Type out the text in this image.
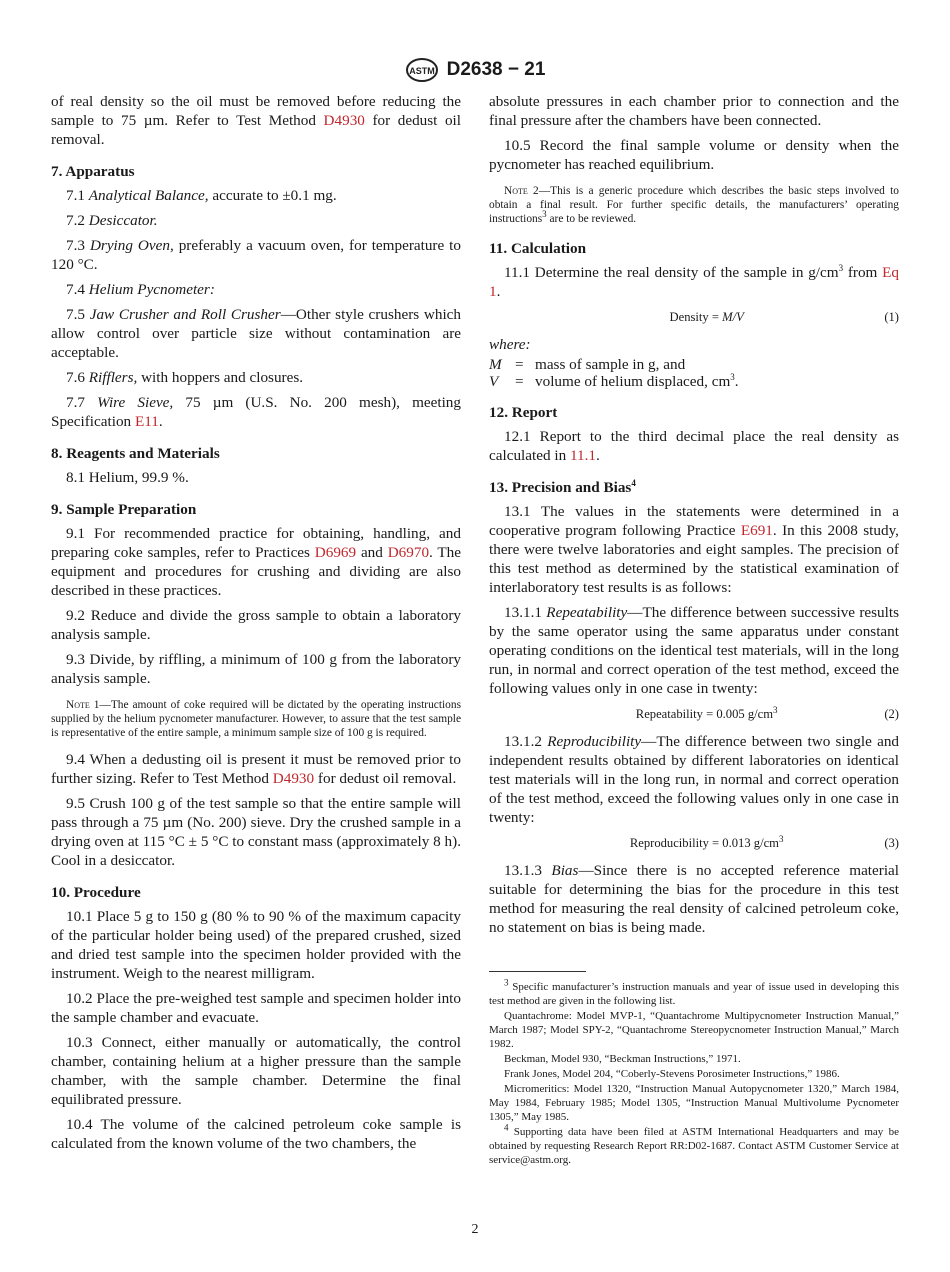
ASTM D2638 − 21

of real density so the oil must be removed before reducing the sample to 75 µm. Refer to Test Method D4930 for dedust oil removal.

7. Apparatus

7.1 Analytical Balance, accurate to ±0.1 mg.

7.2 Desiccator.

7.3 Drying Oven, preferably a vacuum oven, for temperature to 120 °C.

7.4 Helium Pycnometer:

7.5 Jaw Crusher and Roll Crusher—Other style crushers which allow control over particle size without contamination are acceptable.

7.6 Rifflers, with hoppers and closures.

7.7 Wire Sieve, 75 µm (U.S. No. 200 mesh), meeting Specification E11.

8. Reagents and Materials

8.1 Helium, 99.9 %.

9. Sample Preparation

9.1 For recommended practice for obtaining, handling, and preparing coke samples, refer to Practices D6969 and D6970. The equipment and procedures for crushing and dividing are also described in these practices.

9.2 Reduce and divide the gross sample to obtain a laboratory analysis sample.

9.3 Divide, by riffling, a minimum of 100 g from the laboratory analysis sample.

Note 1—The amount of coke required will be dictated by the operating instructions supplied by the helium pycnometer manufacturer. However, to assure that the test sample is representative of the entire sample, a minimum sample size of 100 g is required.

9.4 When a dedusting oil is present it must be removed prior to further sizing. Refer to Test Method D4930 for dedust oil removal.

9.5 Crush 100 g of the test sample so that the entire sample will pass through a 75 µm (No. 200) sieve. Dry the crushed sample in a drying oven at 115 °C ± 5 °C to constant mass (approximately 8 h). Cool in a desiccator.

10. Procedure

10.1 Place 5 g to 150 g (80 % to 90 % of the maximum capacity of the particular holder being used) of the prepared crushed, sized and dried test sample into the specimen holder provided with the instrument. Weigh to the nearest milligram.

10.2 Place the pre-weighed test sample and specimen holder into the sample chamber and evacuate.

10.3 Connect, either manually or automatically, the control chamber, containing helium at a higher pressure than the sample chamber, with the sample chamber. Determine the final equilibrated pressure.

10.4 The volume of the calcined petroleum coke sample is calculated from the known volume of the two chambers, the

absolute pressures in each chamber prior to connection and the final pressure after the chambers have been connected.

10.5 Record the final sample volume or density when the pycnometer has reached equilibrium.

Note 2—This is a generic procedure which describes the basic steps involved to obtain a final result. For further specific details, the manufacturers’ operating instructions$^3$ are to be reviewed.

11. Calculation

11.1 Determine the real density of the sample in $g/cm^3$ from Eq 1.

Density = M/V	(1)
where:
M = mass of sample in g, and
V	= volume of helium displaced, $cm^3$.
12. Report

12.1 Report to the third decimal place the real density as calculated in 11.1.

13. Precision and Bias$^4$

13.1 The values in the statements were determined in a cooperative program following Practice E691. In this 2008 study, there were twelve laboratories and eight samples. The precision of this test method as determined by the statistical examination of interlaboratory test results is as follows:

13.1.1 Repeatability—The difference between successive results by the same operator using the same apparatus under constant operating conditions on the identical test materials, will in the long run, in normal and correct operation of the test method, exceed the following values only in one case in twenty:

Repeatability = 0.005 $g/cm^3$	(2)

13.1.2 Reproducibility—The difference between two single and independent results obtained by different laboratories on identical test materials will in the long run, in normal and correct operation of the test method, exceed the following values only in one case in twenty:

Reproducibility = 0.013 $g/cm^3$	(3)

13.1.3 Bias—Since there is no accepted reference material suitable for determining the bias for the procedure in this test method for measuring the real density of calcined petroleum coke, no statement on bias is being made.

$^3$ Specific manufacturer’s instruction manuals and year of issue used in developing this test method are given in the following list.

Quantachrome: Model MVP-1, “Quantachrome Multipycnometer Instruction Manual,” March 1987; Model SPY-2, “Quantachrome Stereopycnometer Instruction Manual,” March 1982.

Beckman, Model 930, “Beckman Instructions,” 1971.

Frank Jones, Model 204, “Coberly-Stevens Porosimeter Instructions,” 1986.

Micromeritics: Model 1320, “Instruction Manual Autopycnometer 1320,” March 1984, May 1984, February 1985; Model 1305, “Instruction Manual Multivolume Pycnometer 1305,” May 1985.

$^4$ Supporting data have been filed at ASTM International Headquarters and may be obtained by requesting Research Report RR:D02-1687. Contact ASTM Customer Service at service@astm.org.

2
